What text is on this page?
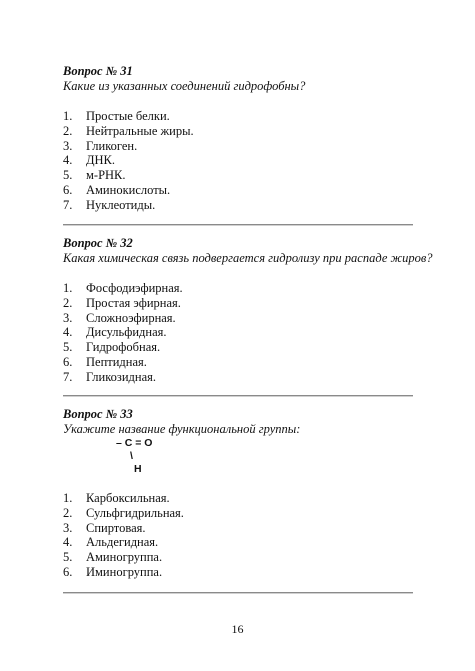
Вопрос № 31

Какие из указанных соединений гидрофобны?

1.	Простые белки.
2.	Нейтральные жиры.
3.	Гликоген.
4.	ДНК.
5.	м-РНК.
6.	Аминокислоты.
7.	Нуклеотиды.

Вопрос № 32

Какая химическая связь подвергается гидролизу при распаде жиров?

1.	Фосфодиэфирная.
2.	Простая эфирная.
3.	Сложноэфирная.
4.	Дисульфидная.
5.	Гидрофобная.
6.	Пептидная.
7.	Гликозидная.

Вопрос № 33

Укажите название функциональной группы:

– C = O
\
H
1.	Карбоксильная.
2.	Сульфгидрильная.
3.	Спиртовая.
4.	Альдегидная.
5.	Аминогруппа.
6.	Иминогруппа.
16
